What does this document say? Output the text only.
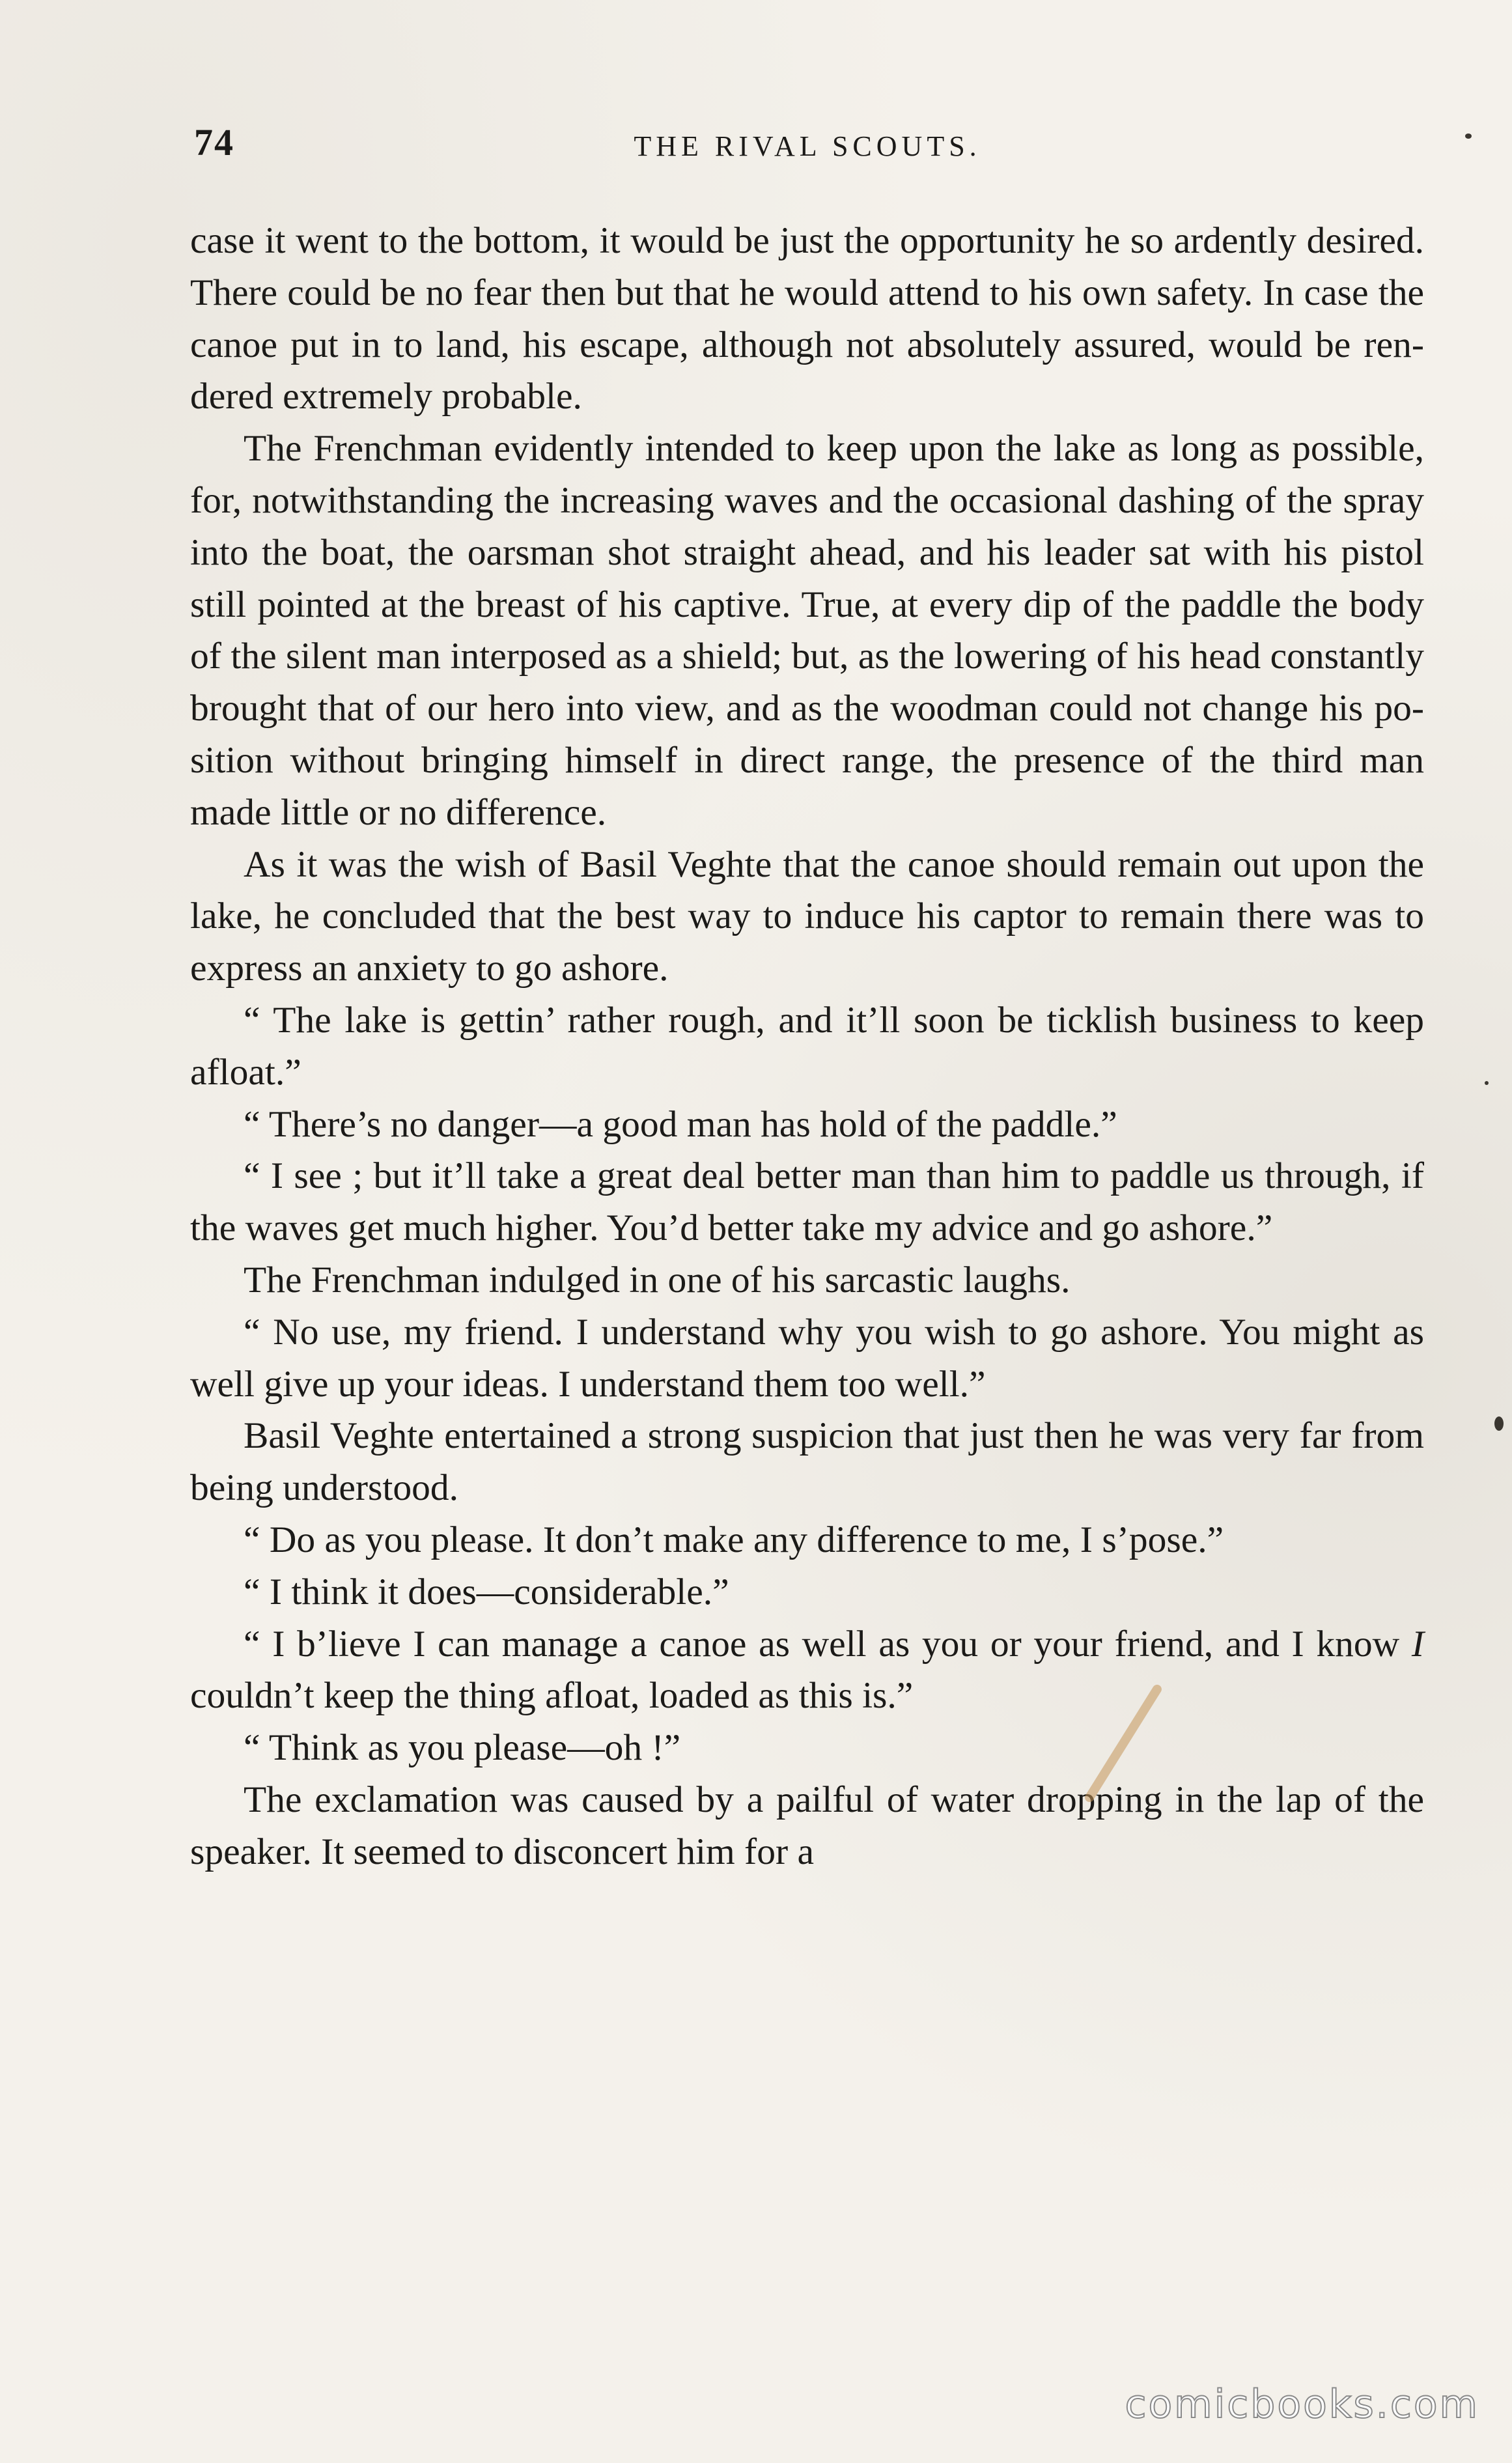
74	THE RIVAL SCOUTS.

case it went to the bottom, it would be just the opportunity he so ardently desired. There could be no fear then but that he would attend to his own safety. In case the canoe put in to land, his escape, although not absolutely assured, would be rendered extremely probable.

The Frenchman evidently intended to keep upon the lake as long as possible, for, notwithstanding the increasing waves and the occasional dashing of the spray into the boat, the oarsman shot straight ahead, and his leader sat with his pistol still pointed at the breast of his captive. True, at every dip of the paddle the body of the silent man interposed as a shield; but, as the lowering of his head constantly brought that of our hero into view, and as the woodman could not change his position without bringing himself in direct range, the presence of the third man made little or no difference.

As it was the wish of Basil Veghte that the canoe should remain out upon the lake, he concluded that the best way to induce his captor to remain there was to express an anxiety to go ashore.

“ The lake is gettin’ rather rough, and it’ll soon be ticklish business to keep afloat.”

“ There’s no danger—a good man has hold of the paddle.”

“ I see ; but it’ll take a great deal better man than him to paddle us through, if the waves get much higher. You’d better take my advice and go ashore.”

The Frenchman indulged in one of his sarcastic laughs.

“ No use, my friend. I understand why you wish to go ashore. You might as well give up your ideas. I understand them too well.”

Basil Veghte entertained a strong suspicion that just then he was very far from being understood.

“ Do as you please. It don’t make any difference to me, I s’pose.”

“ I think it does—considerable.”

“ I b’lieve I can manage a canoe as well as you or your friend, and I know I couldn’t keep the thing afloat, loaded as this is.”

“ Think as you please—oh !”

The exclamation was caused by a pailful of water dropping in the lap of the speaker. It seemed to disconcert him for a

comicbooks.com
